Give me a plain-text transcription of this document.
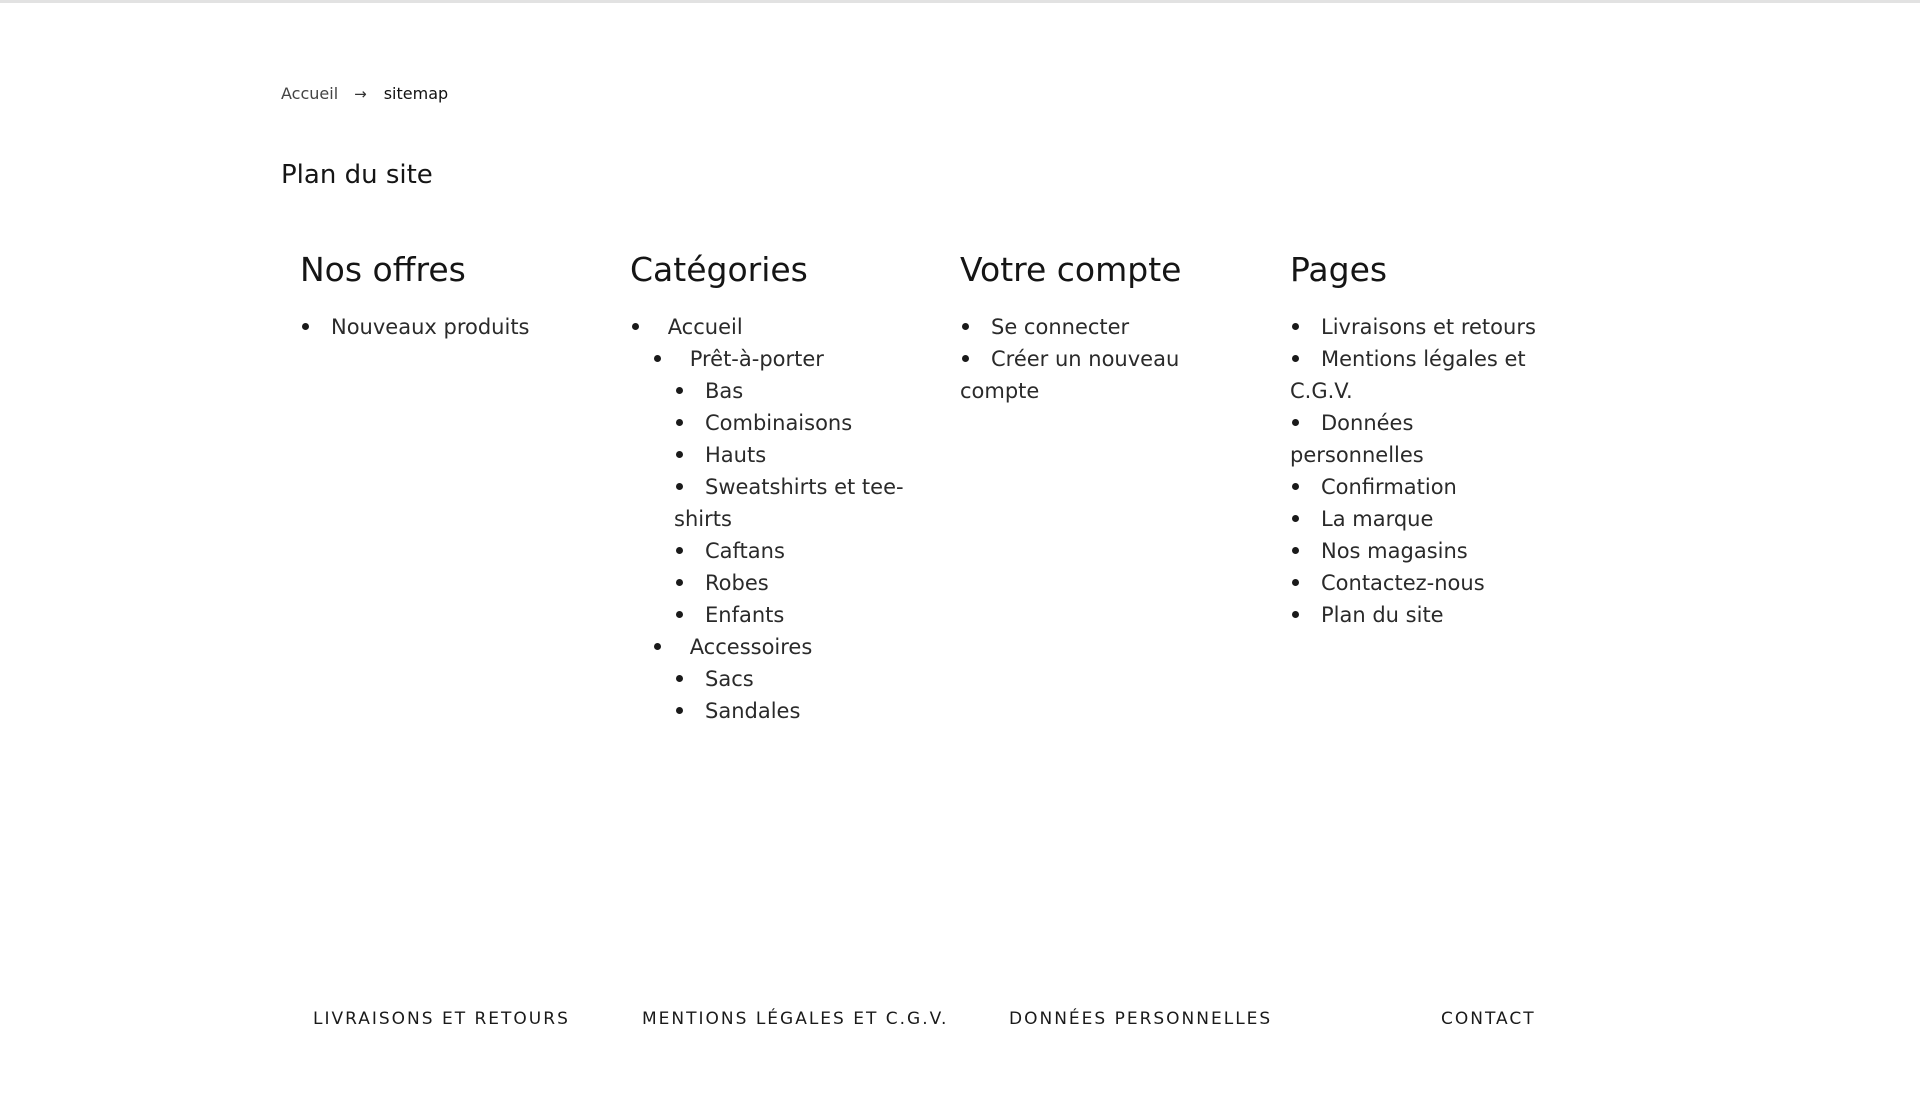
Accueil → sitemap
Plan du site
Nos offres
Nouveaux produits
Catégories
Accueil
Prêt-à-porter
Bas
Combinaisons
Hauts
Sweatshirts et tee-shirts
Caftans
Robes
Enfants
Accessoires
Sacs
Sandales
Votre compte
Se connecter
Créer un nouveau compte
Pages
Livraisons et retours
Mentions légales et C.G.V.
Données personnelles
Confirmation
La marque
Nos magasins
Contactez-nous
Plan du site
LIVRAISONS ET RETOURS	MENTIONS LÉGALES ET C.G.V.	DONNÉES PERSONNELLES	CONTACT
